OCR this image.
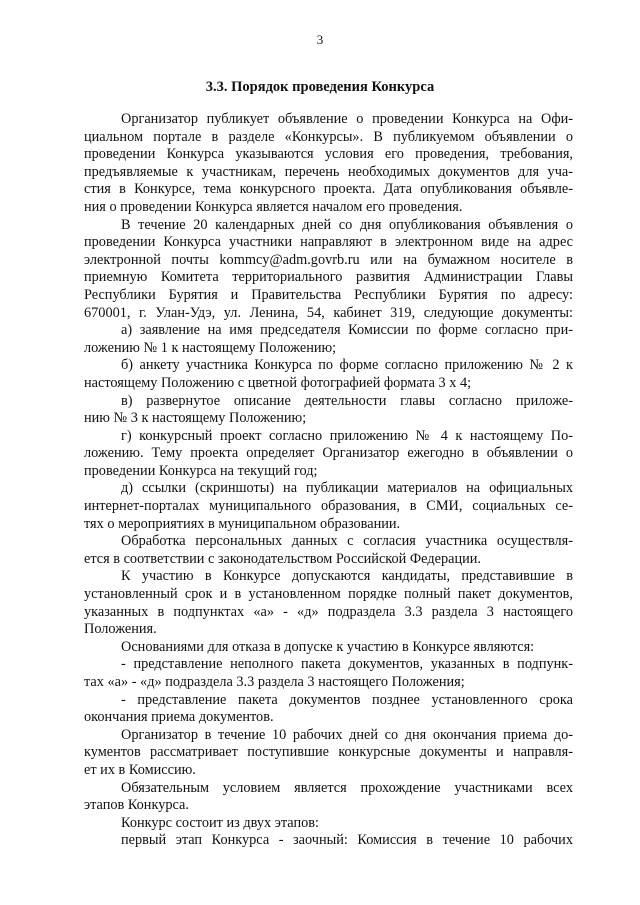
3
3.3. Порядок проведения Конкурса
Организатор публикует объявление о проведении Конкурса на Офи-
циальном портале в разделе «Конкурсы». В публикуемом объявлении о
проведении Конкурса указываются условия его проведения, требования,
предъявляемые к участникам, перечень необходимых документов для уча-
стия в Конкурсе, тема конкурсного проекта. Дата опубликования объявле-
ния о проведении Конкурса является началом его проведения.
В течение 20 календарных дней со дня опубликования объявления о
проведении Конкурса участники направляют в электронном виде на адрес
электронной почты kommcy@adm.govrb.ru или на бумажном носителе в
приемную Комитета территориального развития Администрации Главы
Республики Бурятия и Правительства Республики Бурятия по адресу:
670001, г. Улан-Удэ, ул. Ленина, 54, кабинет 319, следующие документы:
а) заявление на имя председателя Комиссии по форме согласно при-
ложению № 1 к настоящему Положению;
б) анкету участника Конкурса по форме согласно приложению № 2 к
настоящему Положению с цветной фотографией формата 3 х 4;
в) развернутое описание деятельности главы согласно приложе-
нию № 3 к настоящему Положению;
г) конкурсный проект согласно приложению № 4 к настоящему По-
ложению. Тему проекта определяет Организатор ежегодно в объявлении о
проведении Конкурса на текущий год;
д) ссылки (скриншоты) на публикации материалов на официальных
интернет-порталах муниципального образования, в СМИ, социальных се-
тях о мероприятиях в муниципальном образовании.
Обработка персональных данных с согласия участника осуществля-
ется в соответствии с законодательством Российской Федерации.
К участию в Конкурсе допускаются кандидаты, представившие в
установленный срок и в установленном порядке полный пакет документов,
указанных в подпунктах «а» - «д» подраздела 3.3 раздела 3 настоящего
Положения.
Основаниями для отказа в допуске к участию в Конкурсе являются:
- представление неполного пакета документов, указанных в подпунк-
тах «а» - «д» подраздела 3.3 раздела 3 настоящего Положения;
- представление пакета документов позднее установленного срока
окончания приема документов.
Организатор в течение 10 рабочих дней со дня окончания приема до-
кументов рассматривает поступившие конкурсные документы и направля-
ет их в Комиссию.
Обязательным условием является прохождение участниками всех
этапов Конкурса.
Конкурс состоит из двух этапов:
первый этап Конкурса - заочный: Комиссия в течение 10 рабочих
